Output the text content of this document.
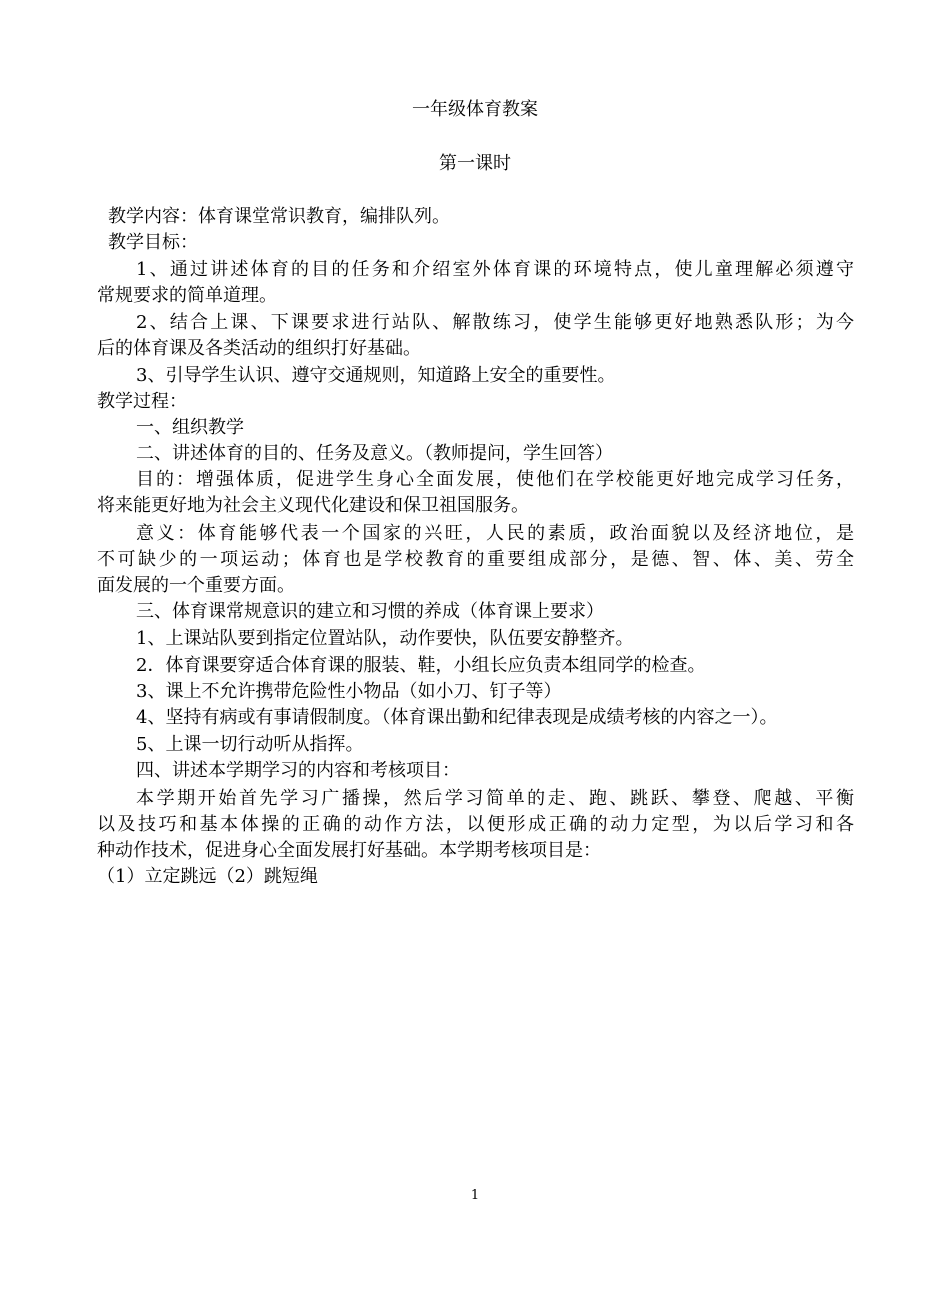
一年级体育教案
第一课时
教学内容：体育课堂常识教育，编排队列。
教学目标：
1、通过讲述体育的目的任务和介绍室外体育课的环境特点，使儿童理解必须遵守
常规要求的简单道理。
2、结合上课、下课要求进行站队、解散练习，使学生能够更好地熟悉队形；为今
后的体育课及各类活动的组织打好基础。
3、引导学生认识、遵守交通规则，知道路上安全的重要性。
教学过程：
一、组织教学
二、讲述体育的目的、任务及意义。（教师提问，学生回答）
目的：增强体质，促进学生身心全面发展，使他们在学校能更好地完成学习任务，
将来能更好地为社会主义现代化建设和保卫祖国服务。
意义：体育能够代表一个国家的兴旺，人民的素质，政治面貌以及经济地位，是
不可缺少的一项运动；体育也是学校教育的重要组成部分，是德、智、体、美、劳全
面发展的一个重要方面。
三、体育课常规意识的建立和习惯的养成（体育课上要求）
1、上课站队要到指定位置站队，动作要快，队伍要安静整齐。
2．体育课要穿适合体育课的服装、鞋，小组长应负责本组同学的检查。
3、课上不允许携带危险性小物品（如小刀、钉子等）
4、坚持有病或有事请假制度。（体育课出勤和纪律表现是成绩考核的内容之一）。
5、上课一切行动听从指挥。
四、讲述本学期学习的内容和考核项目：
本学期开始首先学习广播操，然后学习简单的走、跑、跳跃、攀登、爬越、平衡
以及技巧和基本体操的正确的动作方法，以便形成正确的动力定型，为以后学习和各
种动作技术，促进身心全面发展打好基础。本学期考核项目是：
（1）立定跳远（2）跳短绳
1
